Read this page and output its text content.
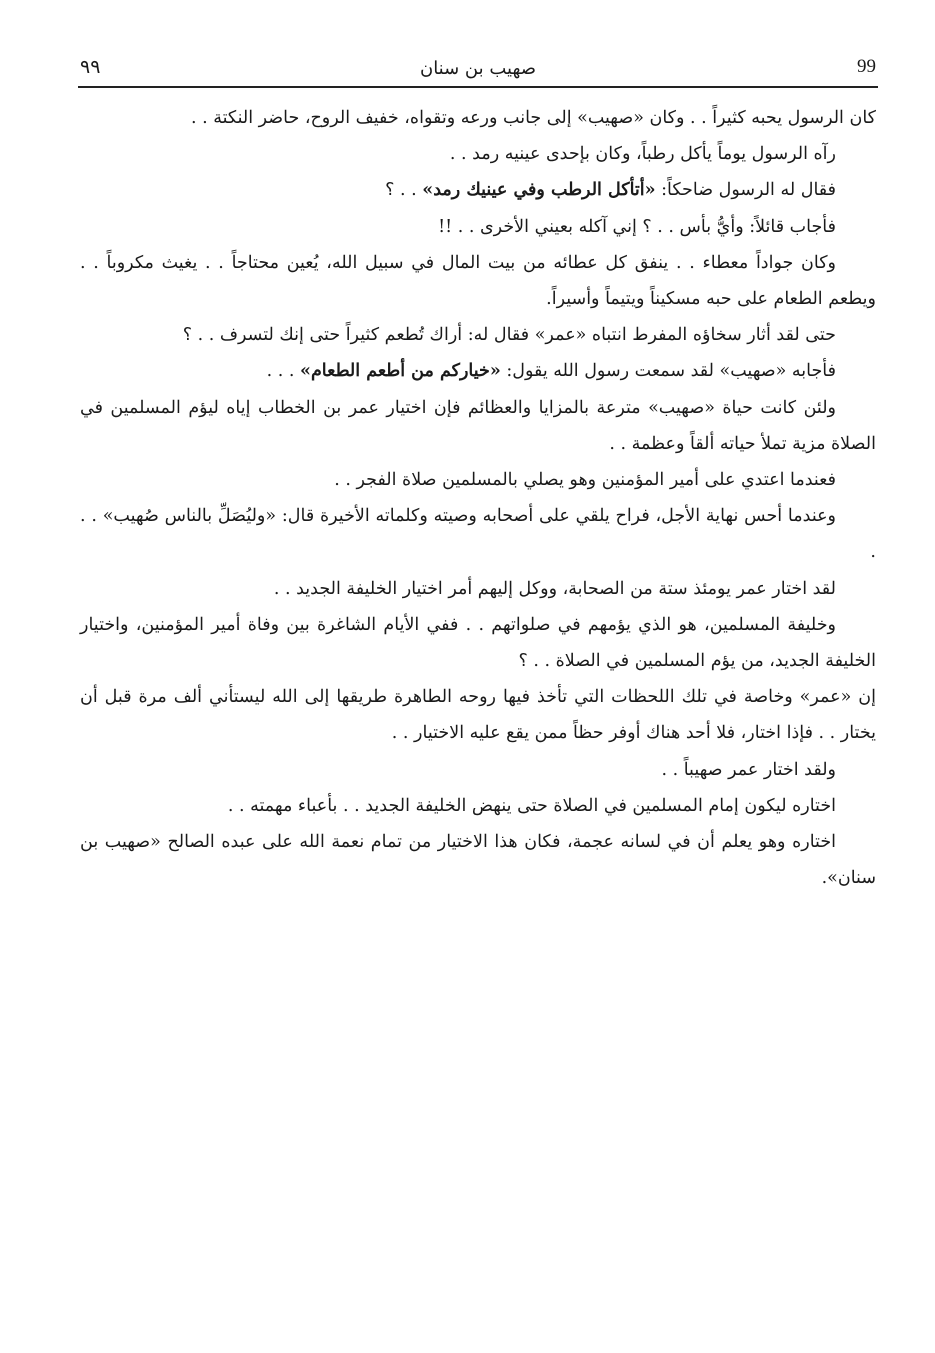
99
صهيب بن سنان
٩٩

كان الرسول يحبه كثيراً . . وكان «صهيب» إلى جانب ورعه وتقواه، خفيف الروح، حاضر النكتة . .

رآه الرسول يوماً يأكل رطباً، وكان بإحدى عينيه رمد . .

فقال له الرسول ضاحكاً: «أتأكل الرطب وفي عينيك رمد» . . ؟

فأجاب قائلاً: وأيُّ بأس . . ؟ إني آكله بعيني الأخرى . . !!

وكان جواداً معطاء . . ينفق كل عطائه من بيت المال في سبيل الله، يُعين محتاجاً . . يغيث مكروباً . . ويطعم الطعام على حبه مسكيناً ويتيماً وأسيراً.

حتى لقد أثار سخاؤه المفرط انتباه «عمر» فقال له: أراك تُطعم كثيراً حتى إنك لتسرف . . ؟

فأجابه «صهيب» لقد سمعت رسول الله يقول: «خياركم من أطعم الطعام» . . .

ولئن كانت حياة «صهيب» مترعة بالمزايا والعظائم فإن اختيار عمر بن الخطاب إياه ليؤم المسلمين في الصلاة مزية تملأ حياته ألقاً وعظمة . .

فعندما اعتدي على أمير المؤمنين وهو يصلي بالمسلمين صلاة الفجر . .

وعندما أحس نهاية الأجل، فراح يلقي على أصحابه وصيته وكلماته الأخيرة قال: «وليُصَلِّ بالناس صُهيب» . . .

لقد اختار عمر يومئذ ستة من الصحابة، ووكل إليهم أمر اختيار الخليفة الجديد . .

وخليفة المسلمين، هو الذي يؤمهم في صلواتهم . . ففي الأيام الشاغرة بين وفاة أمير المؤمنين، واختيار الخليفة الجديد، من يؤم المسلمين في الصلاة . . ؟

إن «عمر» وخاصة في تلك اللحظات التي تأخذ فيها روحه الطاهرة طريقها إلى الله ليستأني ألف مرة قبل أن يختار . . فإذا اختار، فلا أحد هناك أوفر حظاً ممن يقع عليه الاختيار . .

ولقد اختار عمر صهيباً . .

اختاره ليكون إمام المسلمين في الصلاة حتى ينهض الخليفة الجديد . . بأعباء مهمته . .

اختاره وهو يعلم أن في لسانه عجمة، فكان هذا الاختيار من تمام نعمة الله على عبده الصالح «صهيب بن سنان».
